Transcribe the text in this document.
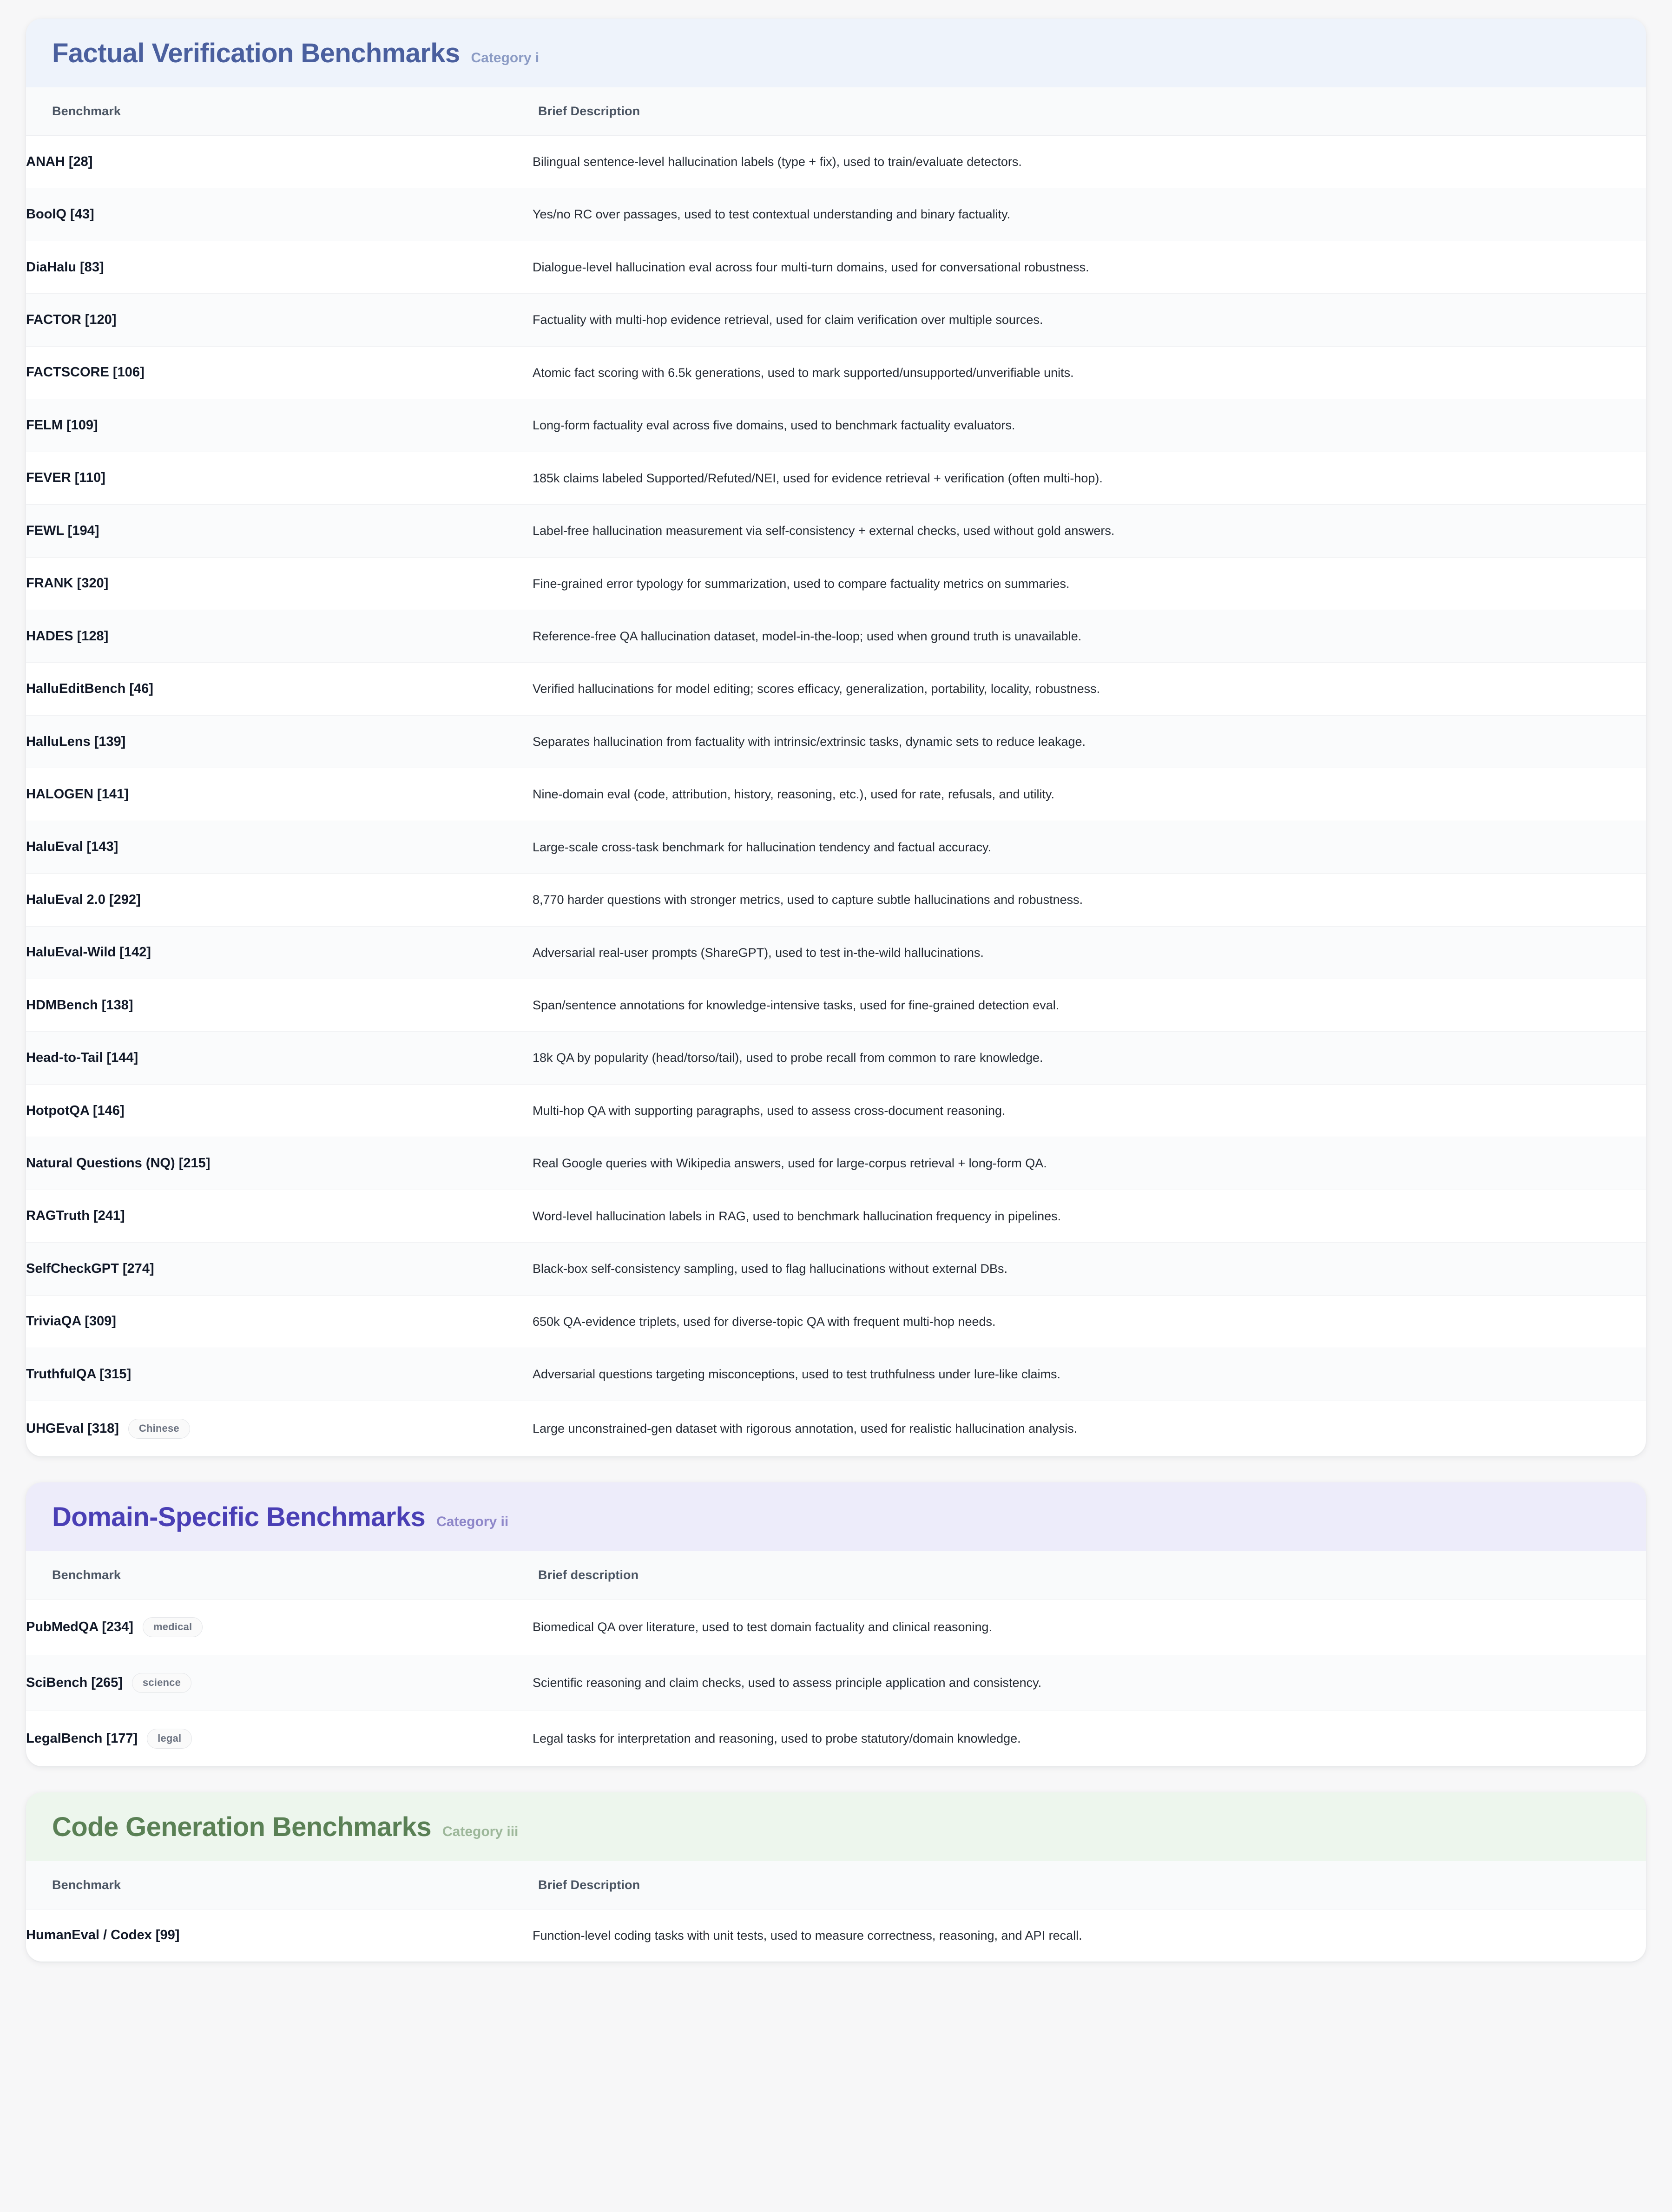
Factual Verification Benchmarks Category i
Benchmark	Brief Description

ANAH [28]	Bilingual sentence-level hallucination labels (type + fix), used to train/evaluate detectors.

BoolQ [43]	Yes/no RC over passages, used to test contextual understanding and binary factuality.

DiaHalu [83]	Dialogue-level hallucination eval across four multi-turn domains, used for conversational robustness.

FACTOR [120]	Factuality with multi-hop evidence retrieval, used for claim verification over multiple sources.

FACTSCORE [106]	Atomic fact scoring with 6.5k generations, used to mark supported/unsupported/unverifiable units.

FELM [109]	Long-form factuality eval across five domains, used to benchmark factuality evaluators.

FEVER [110]	185k claims labeled Supported/Refuted/NEI, used for evidence retrieval + verification (often multi-hop).

FEWL [194]	Label-free hallucination measurement via self-consistency + external checks, used without gold answers.

FRANK [320]	Fine-grained error typology for summarization, used to compare factuality metrics on summaries.

HADES [128]	Reference-free QA hallucination dataset, model-in-the-loop; used when ground truth is unavailable.

HalluEditBench [46]	Verified hallucinations for model editing; scores efficacy, generalization, portability, locality, robustness.

HalluLens [139]	Separates hallucination from factuality with intrinsic/extrinsic tasks, dynamic sets to reduce leakage.

HALOGEN [141]	Nine-domain eval (code, attribution, history, reasoning, etc.), used for rate, refusals, and utility.

HaluEval [143]	Large-scale cross-task benchmark for hallucination tendency and factual accuracy.

HaluEval 2.0 [292]	8,770 harder questions with stronger metrics, used to capture subtle hallucinations and robustness.

HaluEval-Wild [142]	Adversarial real-user prompts (ShareGPT), used to test in-the-wild hallucinations.

HDMBench [138]	Span/sentence annotations for knowledge-intensive tasks, used for fine-grained detection eval.

Head-to-Tail [144]	18k QA by popularity (head/torso/tail), used to probe recall from common to rare knowledge.

HotpotQA [146]	Multi-hop QA with supporting paragraphs, used to assess cross-document reasoning.

Natural Questions (NQ) [215]	Real Google queries with Wikipedia answers, used for large-corpus retrieval + long-form QA.

RAGTruth [241]	Word-level hallucination labels in RAG, used to benchmark hallucination frequency in pipelines.

SelfCheckGPT [274]	Black-box self-consistency sampling, used to flag hallucinations without external DBs.

TriviaQA [309]	650k QA-evidence triplets, used for diverse-topic QA with frequent multi-hop needs.

TruthfulQA [315]	Adversarial questions targeting misconceptions, used to test truthfulness under lure-like claims.

UHGEval [318] Chinese	Large unconstrained-gen dataset with rigorous annotation, used for realistic hallucination analysis.
Domain-Specific Benchmarks Category ii
Benchmark	Brief description

PubMedQA [234] medical	Biomedical QA over literature, used to test domain factuality and clinical reasoning.

SciBench [265] science	Scientific reasoning and claim checks, used to assess principle application and consistency.

LegalBench [177] legal	Legal tasks for interpretation and reasoning, used to probe statutory/domain knowledge.
Code Generation Benchmarks Category iii
Benchmark	Brief Description

HumanEval / Codex [99]	Function-level coding tasks with unit tests, used to measure correctness, reasoning, and API recall.
